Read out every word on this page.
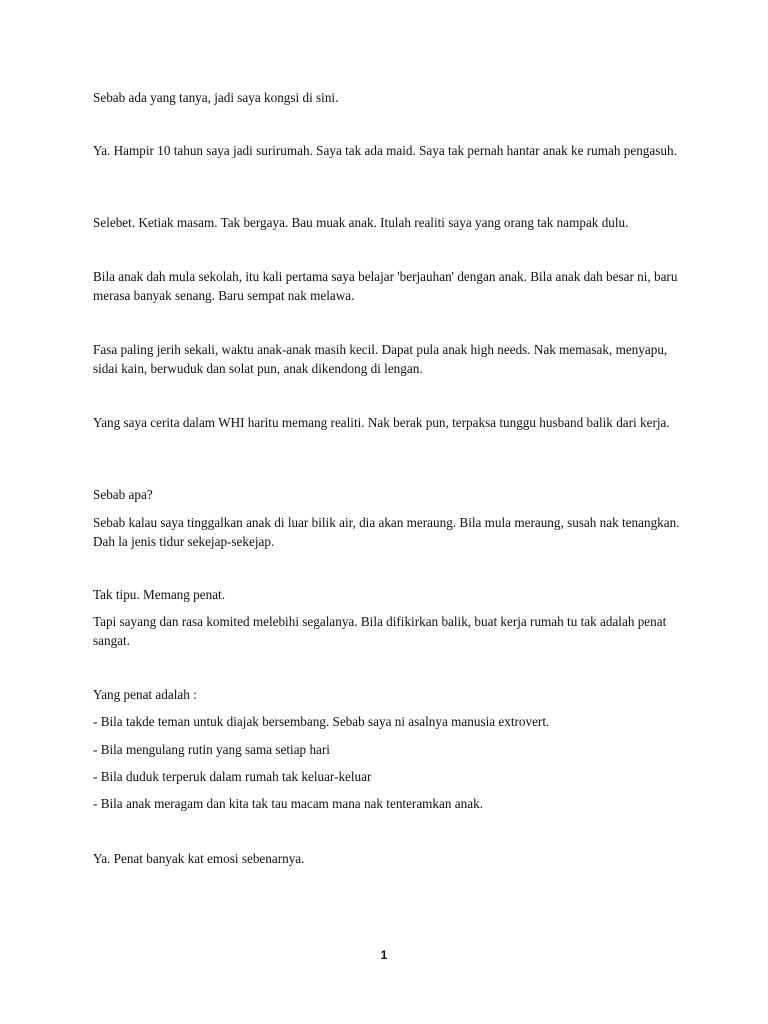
Sebab ada yang tanya, jadi saya kongsi di sini.

Ya. Hampir 10 tahun saya jadi surirumah. Saya tak ada maid. Saya tak pernah hantar anak ke rumah pengasuh.

Selebet. Ketiak masam. Tak bergaya. Bau muak anak. Itulah realiti saya yang orang tak nampak dulu.

Bila anak dah mula sekolah, itu kali pertama saya belajar 'berjauhan' dengan anak. Bila anak dah besar ni, baru merasa banyak senang. Baru sempat nak melawa.

Fasa paling jerih sekali, waktu anak-anak masih kecil. Dapat pula anak high needs. Nak memasak, menyapu, sidai kain, berwuduk dan solat pun, anak dikendong di lengan.

Yang saya cerita dalam WHI haritu memang realiti. Nak berak pun, terpaksa tunggu husband balik dari kerja.

Sebab apa?

Sebab kalau saya tinggalkan anak di luar bilik air, dia akan meraung. Bila mula meraung, susah nak tenangkan. Dah la jenis tidur sekejap-sekejap.

Tak tipu. Memang penat.

Tapi sayang dan rasa komited melebihi segalanya. Bila difikirkan balik, buat kerja rumah tu tak adalah penat sangat.

Yang penat adalah :

- Bila takde teman untuk diajak bersembang. Sebab saya ni asalnya manusia extrovert.

- Bila mengulang rutin yang sama setiap hari

- Bila duduk terperuk dalam rumah tak keluar-keluar

- Bila anak meragam dan kita tak tau macam mana nak tenteramkan anak.

Ya. Penat banyak kat emosi sebenarnya.

1
